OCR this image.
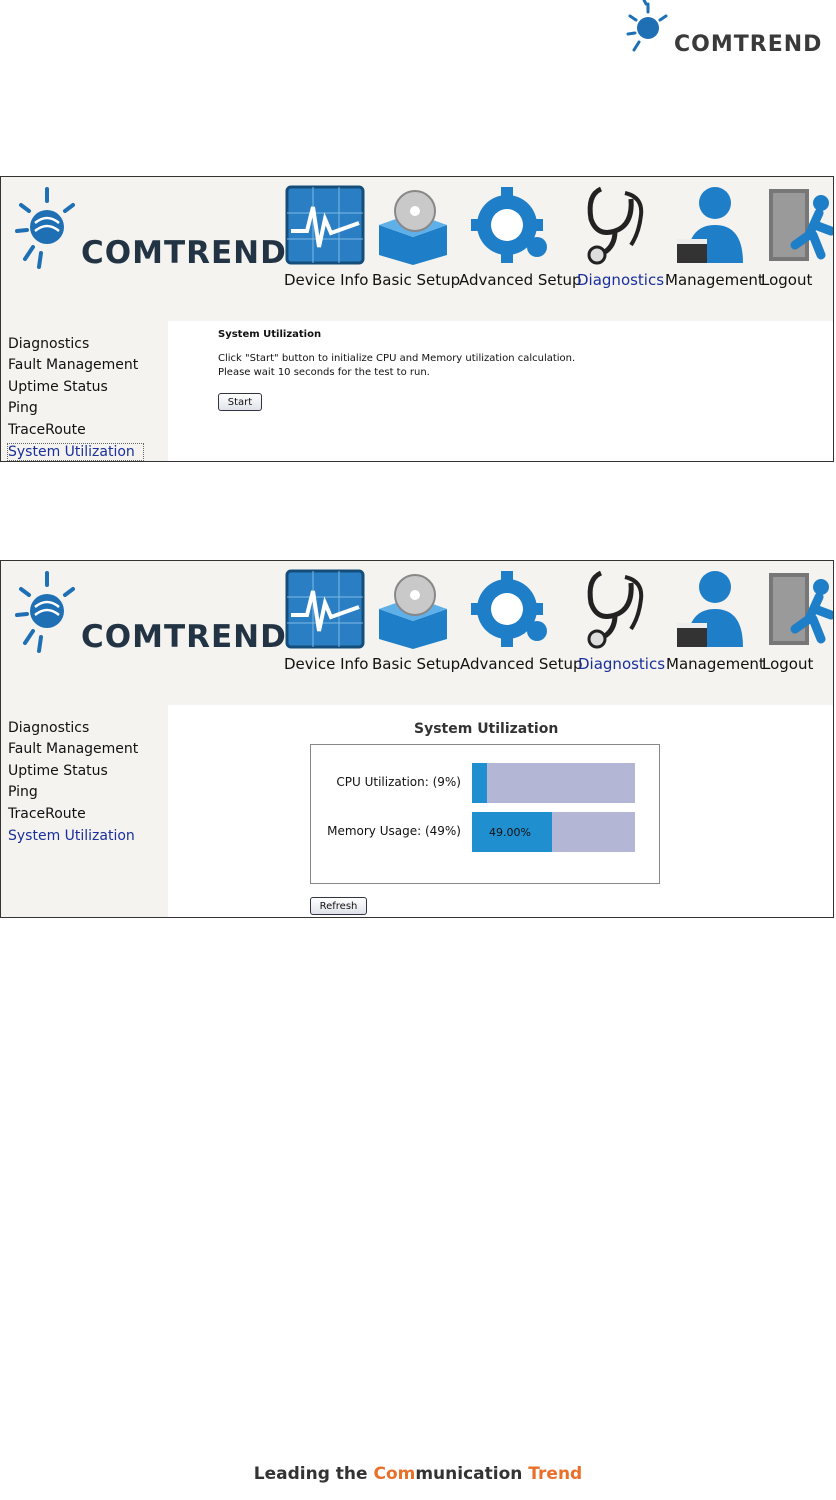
COMTREND
COMTREND
Device Info Basic Setup
Advanced Setup
Diagnostics Management
Logout
Diagnostics
Fault Management
Uptime Status
Ping
TraceRoute
System Utilization
System Utilization
Click "Start" button to initialize CPU and Memory utilization calculation.
Please wait 10 seconds for the test to run.
Start
COMTREND
Device Info Basic Setup Advanced Setup
Diagnostics Management
Logout
Diagnostics
Fault Management
Uptime Status
Ping
TraceRoute
System Utilization
System Utilization
CPU Utilization: (9%)
Memory Usage: (49%)	49.00%
Refresh
Leading the Communication Trend
